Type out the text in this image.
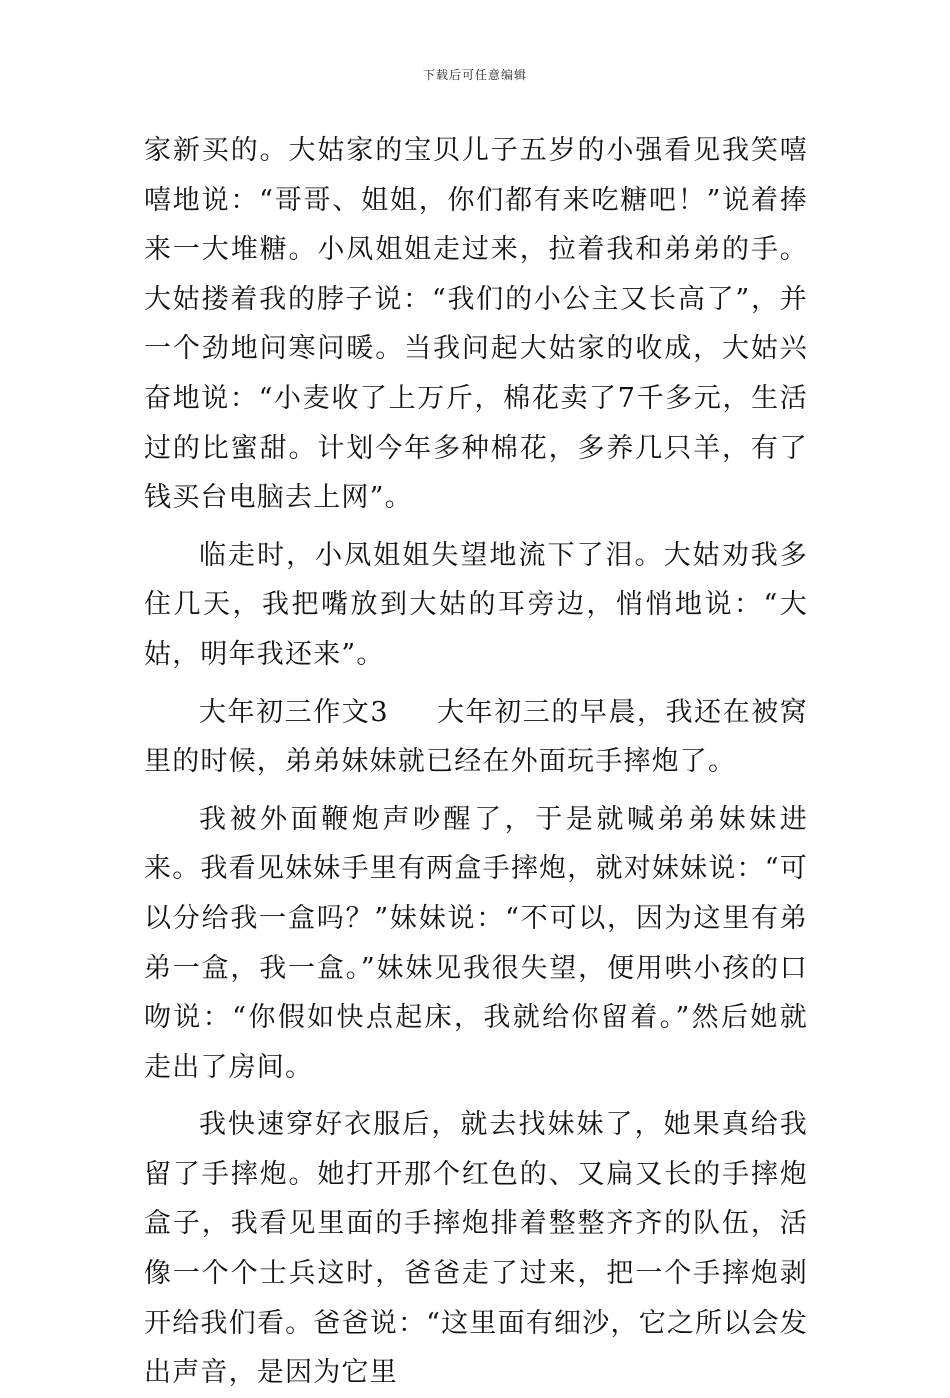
下载后可任意编辑

家新买的。大姑家的宝贝儿子五岁的小强看见我笑嘻嘻地说：“哥哥、姐姐，你们都有来吃糖吧！”说着捧来一大堆糖。小凤姐姐走过来，拉着我和弟弟的手。大姑搂着我的脖子说：“我们的小公主又长高了”，并一个劲地问寒问暖。当我问起大姑家的收成，大姑兴奋地说：“小麦收了上万斤，棉花卖了7千多元，生活过的比蜜甜。计划今年多种棉花，多养几只羊，有了钱买台电脑去上网”。

临走时，小凤姐姐失望地流下了泪。大姑劝我多住几天，我把嘴放到大姑的耳旁边，悄悄地说：“大姑，明年我还来”。

大年初三作文3 大年初三的早晨，我还在被窝里的时候，弟弟妹妹就已经在外面玩手摔炮了。

我被外面鞭炮声吵醒了，于是就喊弟弟妹妹进来。我看见妹妹手里有两盒手摔炮，就对妹妹说：“可以分给我一盒吗？”妹妹说：“不可以，因为这里有弟弟一盒，我一盒。”妹妹见我很失望，便用哄小孩的口吻说：“你假如快点起床，我就给你留着。”然后她就走出了房间。

我快速穿好衣服后，就去找妹妹了，她果真给我留了手摔炮。她打开那个红色的、又扁又长的手摔炮盒子，我看见里面的手摔炮排着整整齐齐的队伍，活像一个个士兵这时，爸爸走了过来，把一个手摔炮剥开给我们看。爸爸说：“这里面有细沙，它之所以会发出声音，是因为它里
